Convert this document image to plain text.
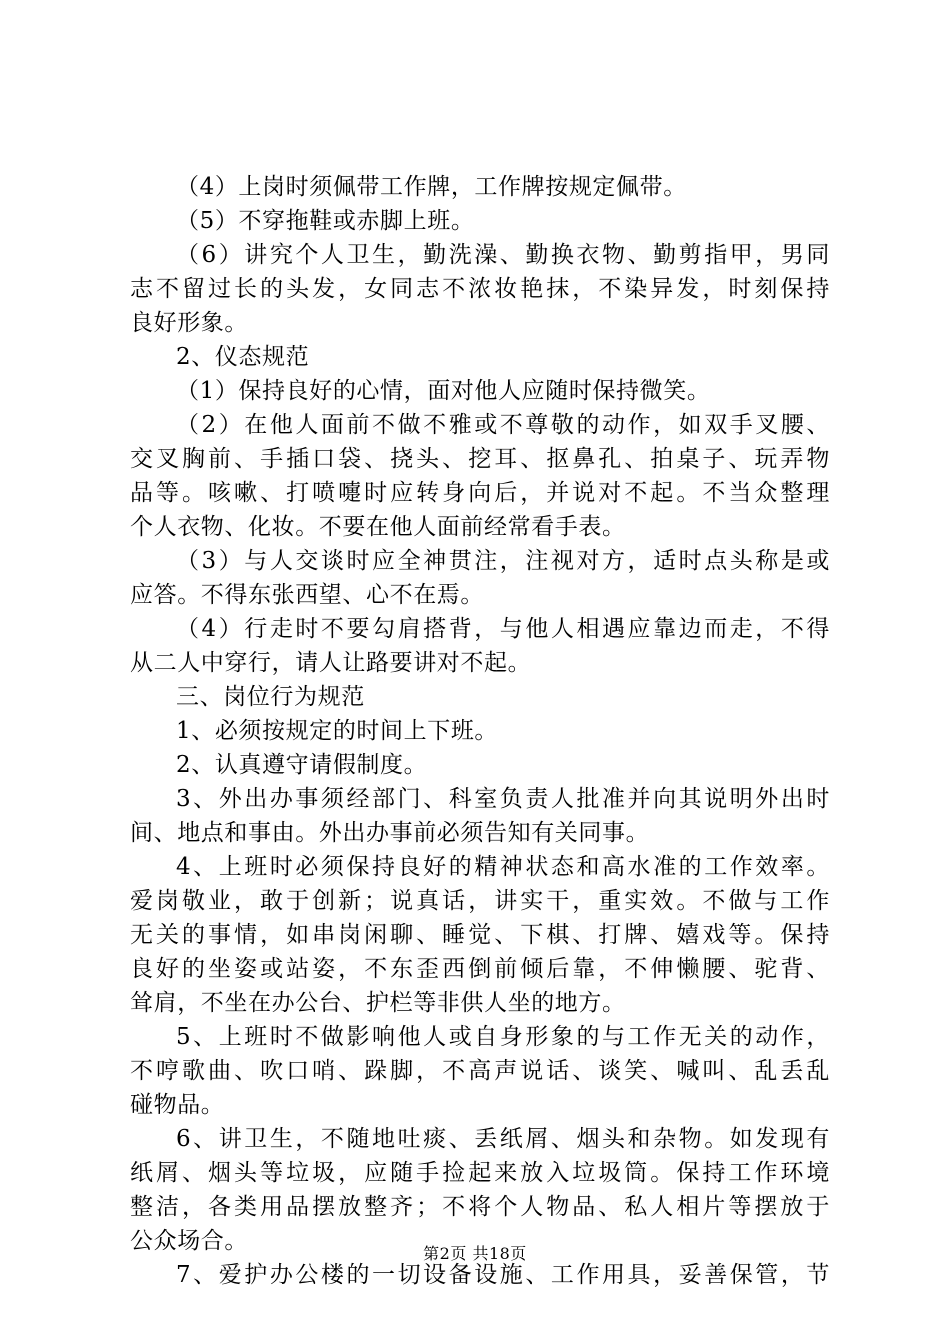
（4）上岗时须佩带工作牌，工作牌按规定佩带。
（5）不穿拖鞋或赤脚上班。
（6）讲究个人卫生，勤洗澡、勤换衣物、勤剪指甲，男同
志不留过长的头发，女同志不浓妆艳抹，不染异发，时刻保持
良好形象。
2、仪态规范
（1）保持良好的心情，面对他人应随时保持微笑。
（2）在他人面前不做不雅或不尊敬的动作，如双手叉腰、
交叉胸前、手插口袋、挠头、挖耳、抠鼻孔、拍桌子、玩弄物
品等。咳嗽、打喷嚏时应转身向后，并说对不起。不当众整理
个人衣物、化妆。不要在他人面前经常看手表。
（3）与人交谈时应全神贯注，注视对方，适时点头称是或
应答。不得东张西望、心不在焉。
（4）行走时不要勾肩搭背，与他人相遇应靠边而走，不得
从二人中穿行，请人让路要讲对不起。
三、岗位行为规范
1、必须按规定的时间上下班。
2、认真遵守请假制度。
3、外出办事须经部门、科室负责人批准并向其说明外出时
间、地点和事由。外出办事前必须告知有关同事。
4、上班时必须保持良好的精神状态和高水准的工作效率。
爱岗敬业，敢于创新；说真话，讲实干，重实效。不做与工作
无关的事情，如串岗闲聊、睡觉、下棋、打牌、嬉戏等。保持
良好的坐姿或站姿，不东歪西倒前倾后靠，不伸懒腰、驼背、
耸肩，不坐在办公台、护栏等非供人坐的地方。
5、上班时不做影响他人或自身形象的与工作无关的动作，
不哼歌曲、吹口哨、跺脚，不高声说话、谈笑、喊叫、乱丢乱
碰物品。
6、讲卫生，不随地吐痰、丢纸屑、烟头和杂物。如发现有
纸屑、烟头等垃圾，应随手捡起来放入垃圾筒。保持工作环境
整洁，各类用品摆放整齐；不将个人物品、私人相片等摆放于
公众场合。
7、爱护办公楼的一切设备设施、工作用具，妥善保管，节
第2页 共18页
